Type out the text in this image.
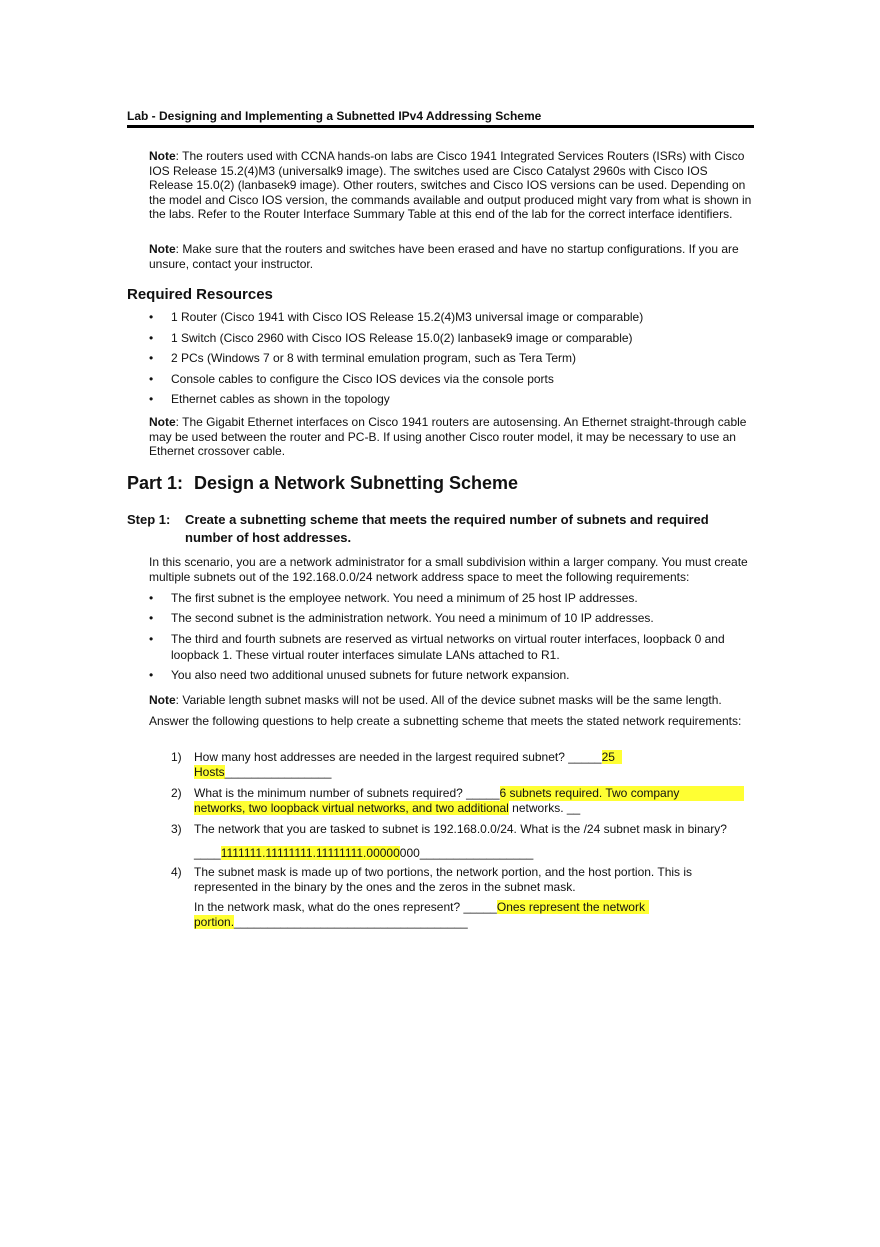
Lab - Designing and Implementing a Subnetted IPv4 Addressing Scheme
Note: The routers used with CCNA hands-on labs are Cisco 1941 Integrated Services Routers (ISRs) with Cisco IOS Release 15.2(4)M3 (universalk9 image). The switches used are Cisco Catalyst 2960s with Cisco IOS Release 15.0(2) (lanbasek9 image). Other routers, switches and Cisco IOS versions can be used. Depending on the model and Cisco IOS version, the commands available and output produced might vary from what is shown in the labs. Refer to the Router Interface Summary Table at this end of the lab for the correct interface identifiers.
Note: Make sure that the routers and switches have been erased and have no startup configurations. If you are unsure, contact your instructor.
Required Resources
• 1 Router (Cisco 1941 with Cisco IOS Release 15.2(4)M3 universal image or comparable)
• 1 Switch (Cisco 2960 with Cisco IOS Release 15.0(2) lanbasek9 image or comparable)
• 2 PCs (Windows 7 or 8 with terminal emulation program, such as Tera Term)
• Console cables to configure the Cisco IOS devices via the console ports
• Ethernet cables as shown in the topology
Note: The Gigabit Ethernet interfaces on Cisco 1941 routers are autosensing. An Ethernet straight-through cable may be used between the router and PC-B. If using another Cisco router model, it may be necessary to use an Ethernet crossover cable.
Part 1: Design a Network Subnetting Scheme
Step 1:	Create a subnetting scheme that meets the required number of subnets and required number of host addresses.
In this scenario, you are a network administrator for a small subdivision within a larger company. You must create multiple subnets out of the 192.168.0.0/24 network address space to meet the following requirements:
• The first subnet is the employee network. You need a minimum of 25 host IP addresses.
• The second subnet is the administration network. You need a minimum of 10 IP addresses.
• The third and fourth subnets are reserved as virtual networks on virtual router interfaces, loopback 0 and loopback 1. These virtual router interfaces simulate LANs attached to R1.
• You also need two additional unused subnets for future network expansion.
Note: Variable length subnet masks will not be used. All of the device subnet masks will be the same length.
Answer the following questions to help create a subnetting scheme that meets the stated network requirements:
1) How many host addresses are needed in the largest required subnet? _____25
Hosts________________
2) What is the minimum number of subnets required? _____6 subnets required. Two company
networks, two loopback virtual networks, and two additional networks. __
3) The network that you are tasked to subnet is 192.168.0.0/24. What is the /24 subnet mask in binary?

____1111111.11111111.11111111.00000000_________________
4) The subnet mask is made up of two portions, the network portion, and the host portion. This is represented in the binary by the ones and the zeros in the subnet mask.
In the network mask, what do the ones represent? _____Ones represent the network
portion.___________________________________
